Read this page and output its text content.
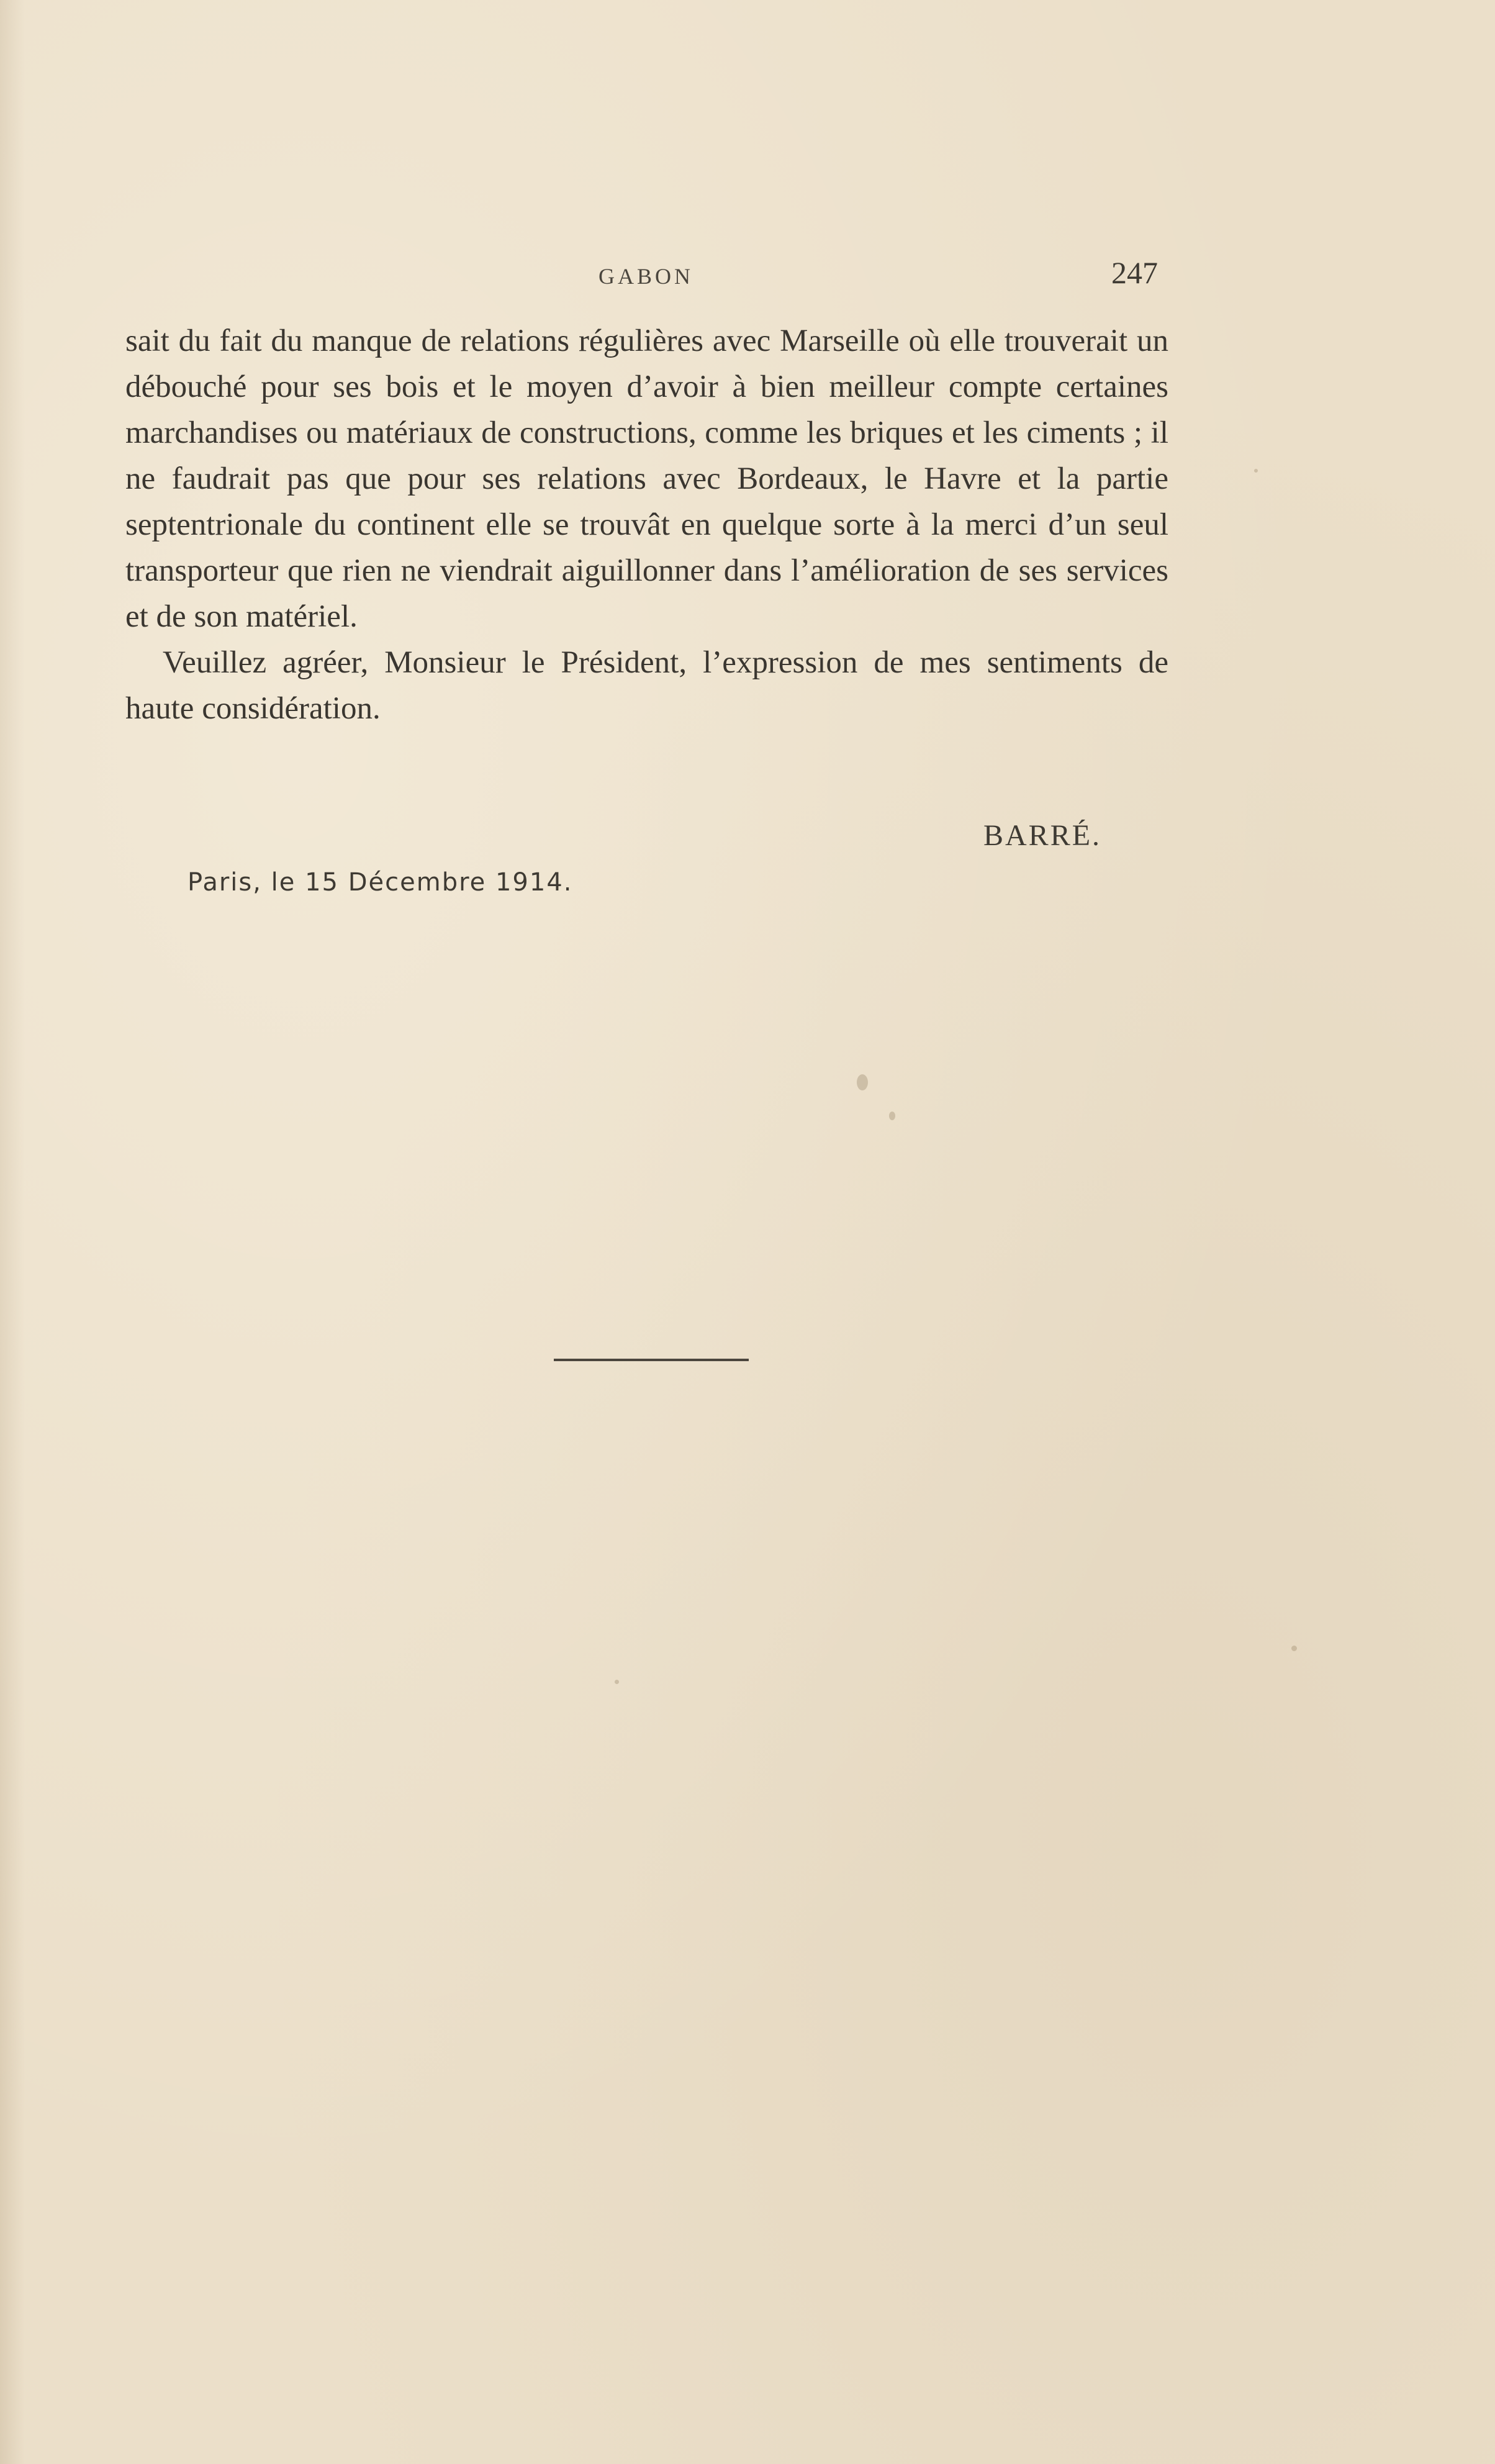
GABON	247

sait du fait du manque de relations régulières avec Marseille où elle trouverait un débouché pour ses bois et le moyen d’avoir à bien meilleur compte certaines marchandises ou matériaux de constructions, comme les briques et les ciments ; il ne faudrait pas que pour ses relations avec Bordeaux, le Havre et la partie septentrionale du continent elle se trouvât en quelque sorte à la merci d’un seul transporteur que rien ne viendrait aiguillonner dans l’amélioration de ses services et de son matériel.

Veuillez agréer, Monsieur le Président, l’expression de mes sentiments de haute considération.

BARRÉ.
Paris, le 15 Décembre 1914.
